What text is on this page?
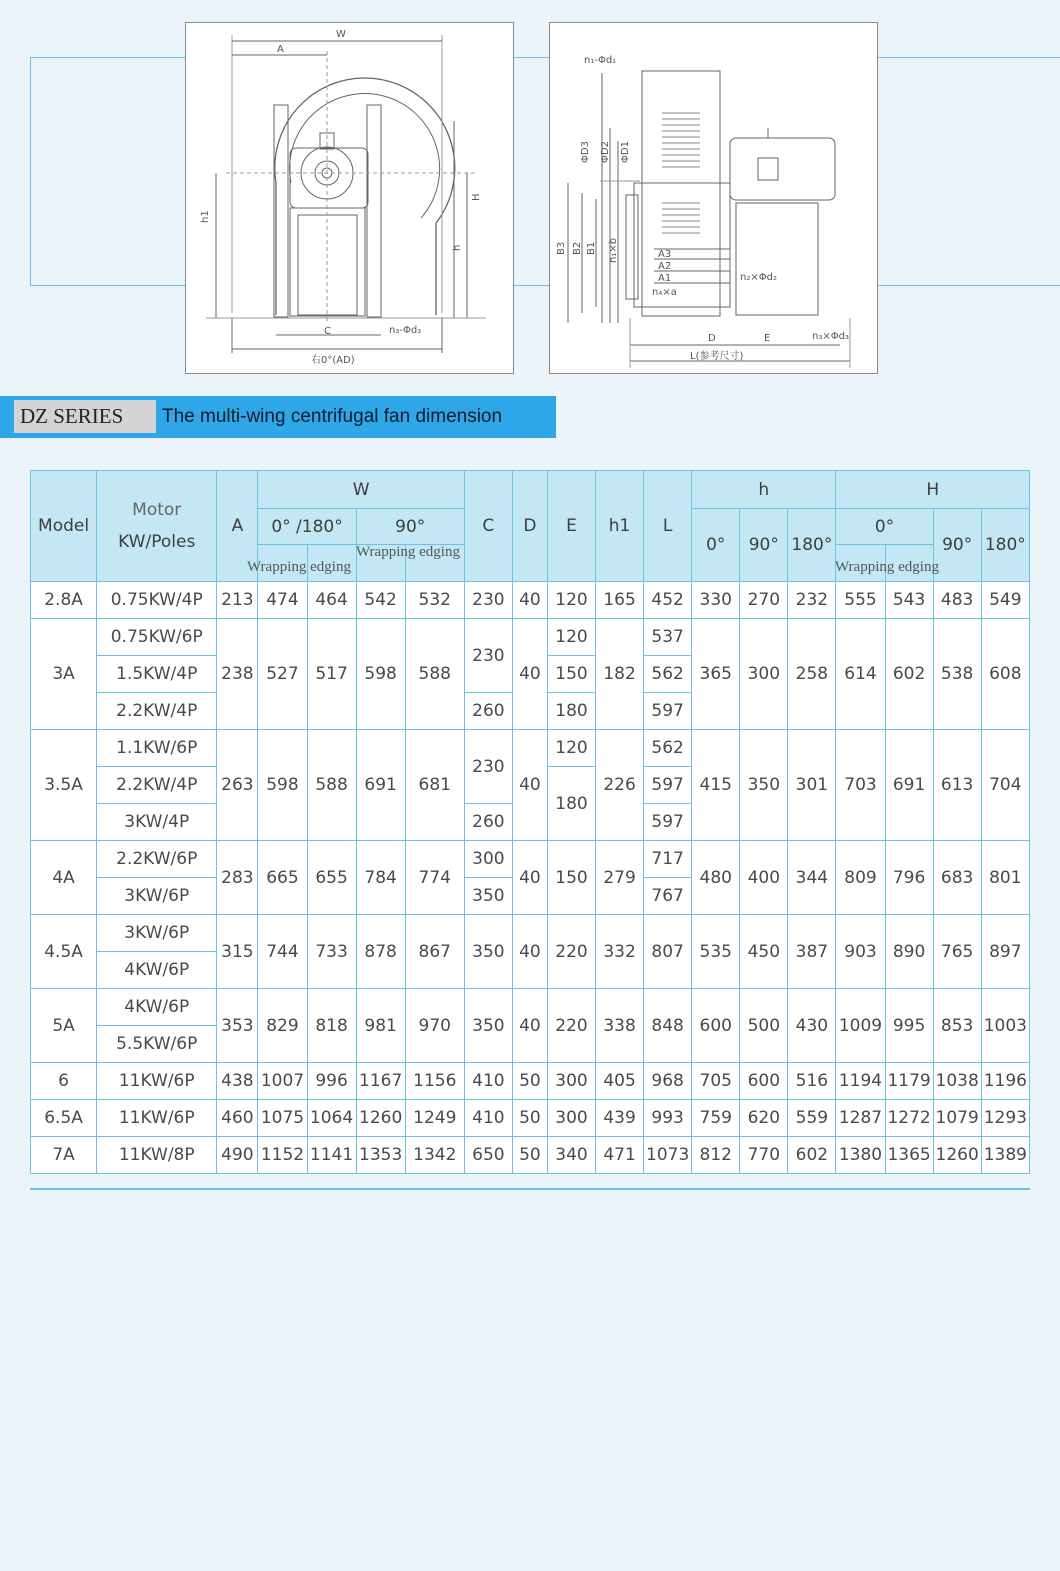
W
A
h1
H
h
C	n₃-Φd₃
右0°(AD)
n₁-Φd₁
ΦD3 ΦD2 ΦD1
B3 B2 B1 n₁×b	A3
A2
A1
n₄×a
n₂×Φd₂
n₃×Φd₃
D	E
L(参考尺寸)
DZ SERIES	The multi-wing centrifugal fan dimension
Model	Motor
KW/Poles	A	W				C	D	E	h1	L	h			H			
			0° /180°		90°							0°	90°	180°	0°		90°	180°

2.8A	0.75KW/4P	213	474	464	542	532	230	40	120	165	452	330	270	232	555	543	483	549
3A	0.75KW/6P	238	527	517	598	588	230	40	120	182	537	365	300	258	614	602	538	608
	1.5KW/4P								150		562							
	2.2KW/4P						260		180		597							
3.5A	1.1KW/6P	263	598	588	691	681	230	40	120	226	562	415	350	301	703	691	613	704
	2.2KW/4P								180		597							
	3KW/4P						260				597							
4A	2.2KW/6P	283	665	655	784	774	300	40	150	279	717	480	400	344	809	796	683	801
	3KW/6P						350				767							
4.5A	3KW/6P	315	744	733	878	867	350	40	220	332	807	535	450	387	903	890	765	897
	4KW/6P																	
5A	4KW/6P	353	829	818	981	970	350	40	220	338	848	600	500	430	1009	995	853	1003
	5.5KW/6P																	
6	11KW/6P	438	1007	996	1167	1156	410	50	300	405	968	705	600	516	1194	1179	1038	1196
6.5A	11KW/6P	460	1075	1064	1260	1249	410	50	300	439	993	759	620	559	1287	1272	1079	1293
7A	11KW/8P	490	1152	1141	1353	1342	650	50	340	471	1073	812	770	602	1380	1365	1260	1389
Wrapping edging
Wrapping edging
Wrapping edging
